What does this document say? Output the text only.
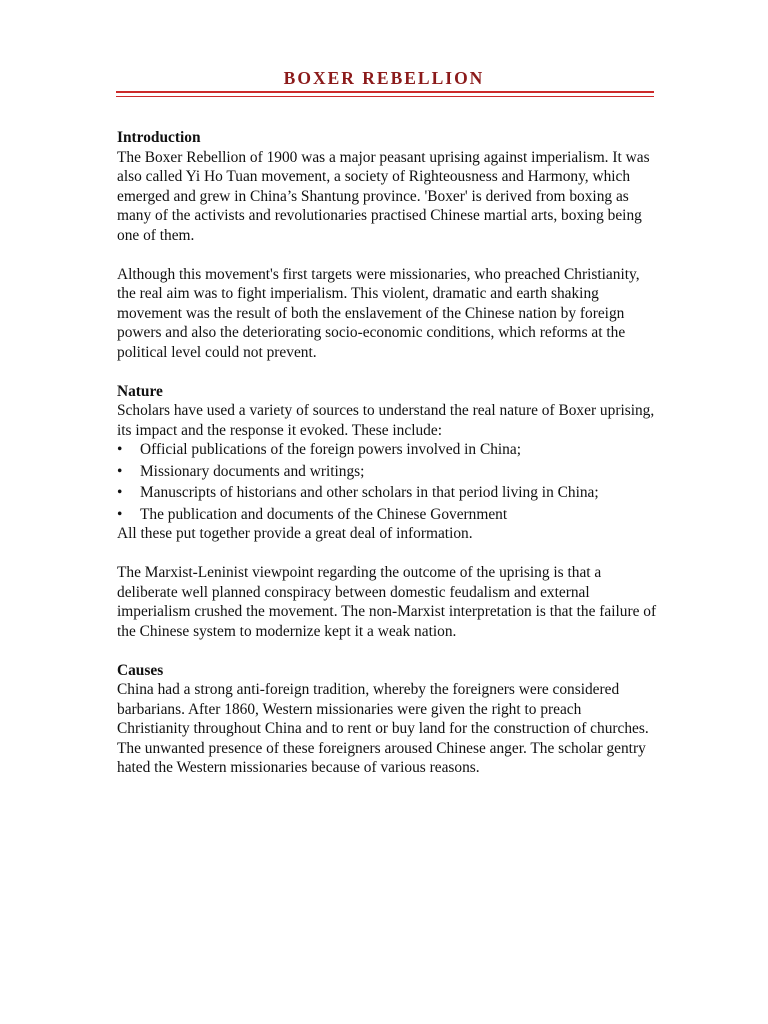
BOXER REBELLION

Introduction

The Boxer Rebellion of 1900 was a major peasant uprising against imperialism. It was also called Yi Ho Tuan movement, a society of Righteousness and Harmony, which emerged and grew in China’s Shantung province. 'Boxer' is derived from boxing as many of the activists and revolutionaries practised Chinese martial arts, boxing being one of them.

Although this movement's first targets were missionaries, who preached Christianity, the real aim was to fight imperialism. This violent, dramatic and earth shaking movement was the result of both the enslavement of the Chinese nation by foreign powers and also the deteriorating socio-economic conditions, which reforms at the political level could not prevent.

Nature

Scholars have used a variety of sources to understand the real nature of Boxer uprising, its impact and the response it evoked. These include:

• Official publications of the foreign powers involved in China;
• Missionary documents and writings;
• Manuscripts of historians and other scholars in that period living in China;
• The publication and documents of the Chinese Government

All these put together provide a great deal of information.

The Marxist-Leninist viewpoint regarding the outcome of the uprising is that a deliberate well planned conspiracy between domestic feudalism and external imperialism crushed the movement. The non-Marxist interpretation is that the failure of the Chinese system to modernize kept it a weak nation.

Causes

China had a strong anti-foreign tradition, whereby the foreigners were considered barbarians. After 1860, Western missionaries were given the right to preach Christianity throughout China and to rent or buy land for the construction of churches. The unwanted presence of these foreigners aroused Chinese anger. The scholar gentry hated the Western missionaries because of various reasons.
